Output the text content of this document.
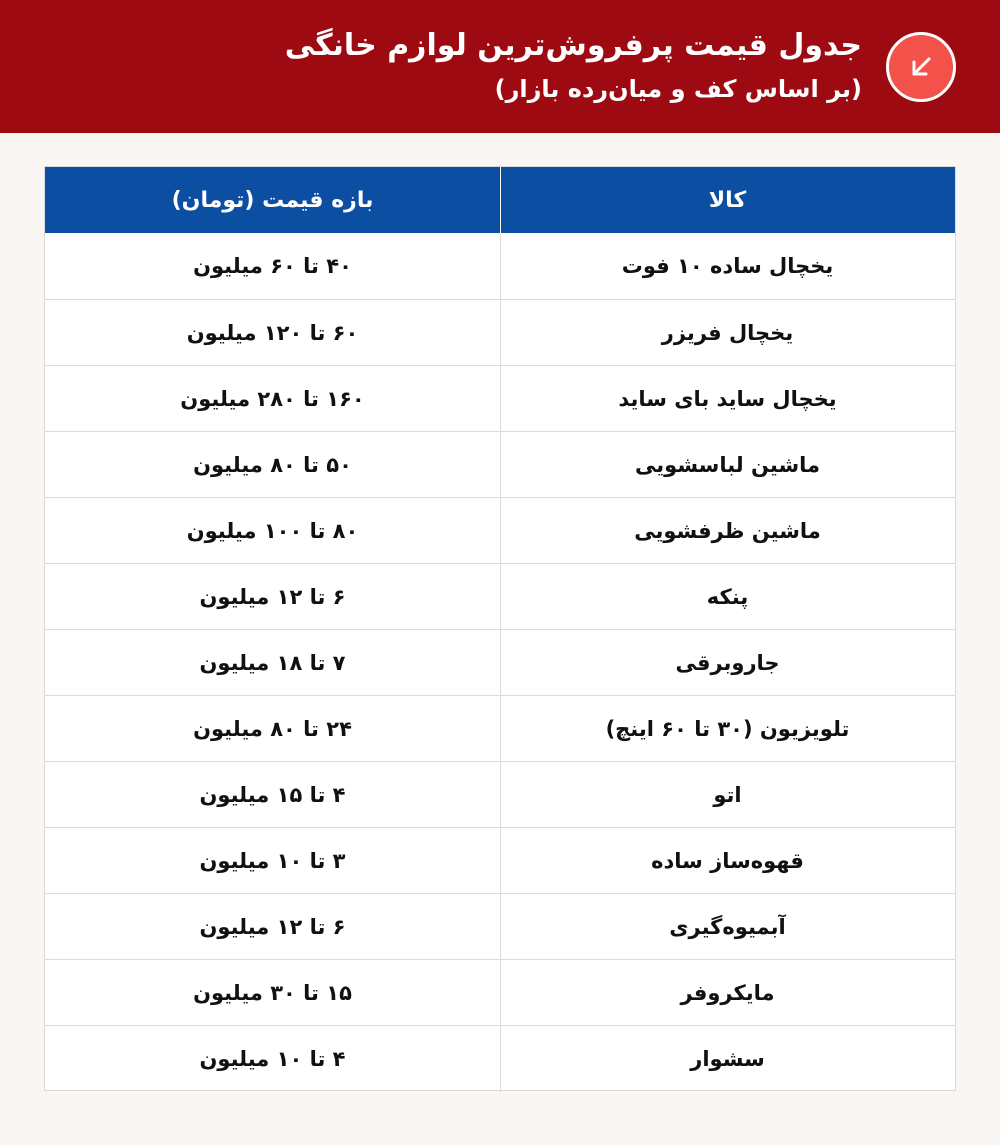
جدول قیمت پرفروش‌ترین لوازم خانگی
(بر اساس کف و میان‌رده بازار)
کالا
بازه قیمت (تومان)
یخچال ساده ۱۰ فوت
۴۰ تا ۶۰ میلیون
یخچال فریزر
۶۰ تا ۱۲۰ میلیون
یخچال ساید بای ساید
۱۶۰ تا ۲۸۰ میلیون
ماشین لباسشویی
۵۰ تا ۸۰ میلیون
ماشین ظرفشویی
۸۰ تا ۱۰۰ میلیون
پنکه
۶ تا ۱۲ میلیون
جاروبرقی
۷ تا ۱۸ میلیون
تلویزیون (۳۰ تا ۶۰ اینچ)
۲۴ تا ۸۰ میلیون
اتو
۴ تا ۱۵ میلیون
قهوه‌ساز ساده
۳ تا ۱۰ میلیون
آبمیوه‌گیری
۶ تا ۱۲ میلیون
مایکروفر
۱۵ تا ۳۰ میلیون
سشوار
۴ تا ۱۰ میلیون
